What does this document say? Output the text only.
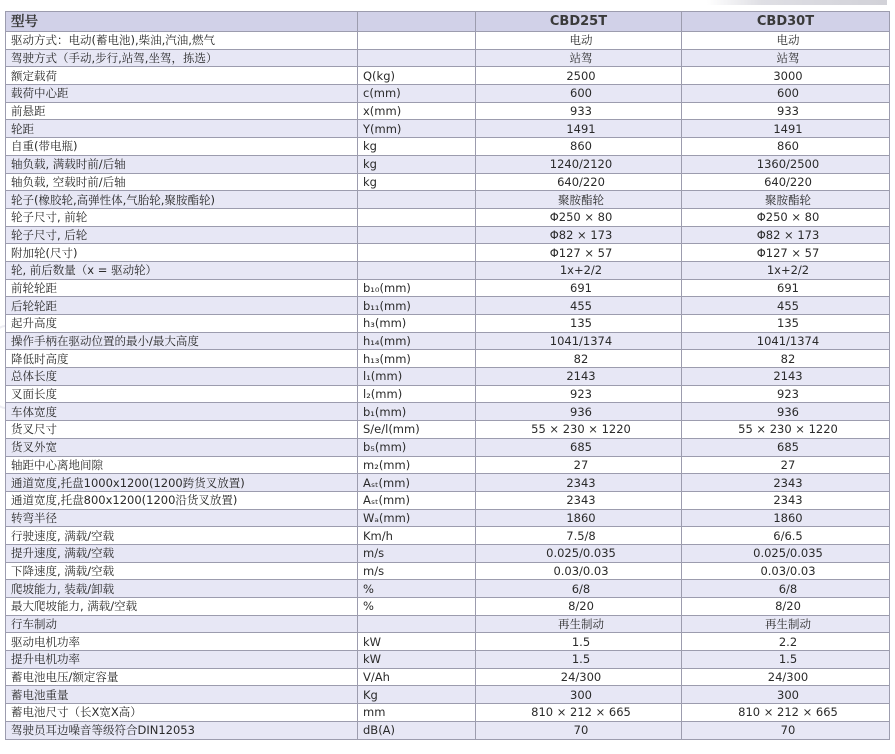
型号		CBD25T	CBD30T
驱动方式：电动(蓄电池),柴油,汽油,燃气		电动	电动
驾驶方式（手动,步行,站驾,坐驾，拣选）		站驾	站驾
额定载荷	Q(kg)	2500	3000
载荷中心距	c(mm)	600	600
前悬距	x(mm)	933	933
轮距	Y(mm)	1491	1491
自重(带电瓶)	kg	860	860
轴负载, 满载时前/后轴	kg	1240/2120	1360/2500
轴负载, 空载时前/后轴	kg	640/220	640/220
轮子(橡胶轮,高弹性体,气胎轮,聚胺酯轮)		聚胺酯轮	聚胺酯轮
轮子尺寸, 前轮		Φ250 × 80	Φ250 × 80
轮子尺寸, 后轮		Φ82 × 173	Φ82 × 173
附加轮(尺寸)		Φ127 × 57	Φ127 × 57
轮, 前后数量（x = 驱动轮）		1x+2/2	1x+2/2
前轮轮距	b₁₀(mm)	691	691
后轮轮距	b₁₁(mm)	455	455
起升高度	h₃(mm)	135	135
操作手柄在驱动位置的最小/最大高度	h₁₄(mm)	1041/1374	1041/1374
降低时高度	h₁₃(mm)	82	82
总体长度	l₁(mm)	2143	2143
叉面长度	l₂(mm)	923	923
车体宽度	b₁(mm)	936	936
货叉尺寸	S/e/l(mm)	55 × 230 × 1220	55 × 230 × 1220
货叉外宽	b₅(mm)	685	685
轴距中心离地间隙	m₂(mm)	27	27
通道宽度,托盘1000x1200(1200跨货叉放置)	Aₛₜ(mm)	2343	2343
通道宽度,托盘800x1200(1200沿货叉放置)	Aₛₜ(mm)	2343	2343
转弯半径	Wₐ(mm)	1860	1860
行驶速度, 满载/空载	Km/h	7.5/8	6/6.5
提升速度, 满载/空载	m/s	0.025/0.035	0.025/0.035
下降速度, 满载/空载	m/s	0.03/0.03	0.03/0.03
爬坡能力, 装载/卸载	%	6/8	6/8
最大爬坡能力, 满载/空载	%	8/20	8/20
行车制动		再生制动	再生制动
驱动电机功率	kW	1.5	2.2
提升电机功率	kW	1.5	1.5
蓄电池电压/额定容量	V/Ah	24/300	24/300
蓄电池重量	Kg	300	300
蓄电池尺寸（长X宽X高）	mm	810 × 212 × 665	810 × 212 × 665
驾驶员耳边噪音等级符合DIN12053	dB(A)	70	70
